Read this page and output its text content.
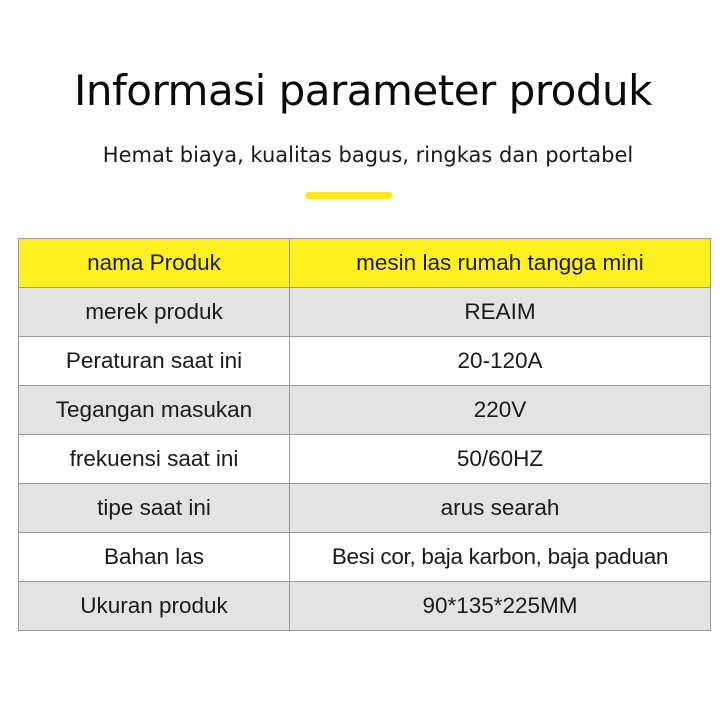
Informasi parameter produk
Hemat biaya, kualitas bagus, ringkas dan portabel
nama Produk	mesin las rumah tangga mini
merek produk	REAIM
Peraturan saat ini	20-120A
Tegangan masukan	220V
frekuensi saat ini	50/60HZ
tipe saat ini	arus searah
Bahan las	Besi cor, baja karbon, baja paduan
Ukuran produk	90*135*225MM
